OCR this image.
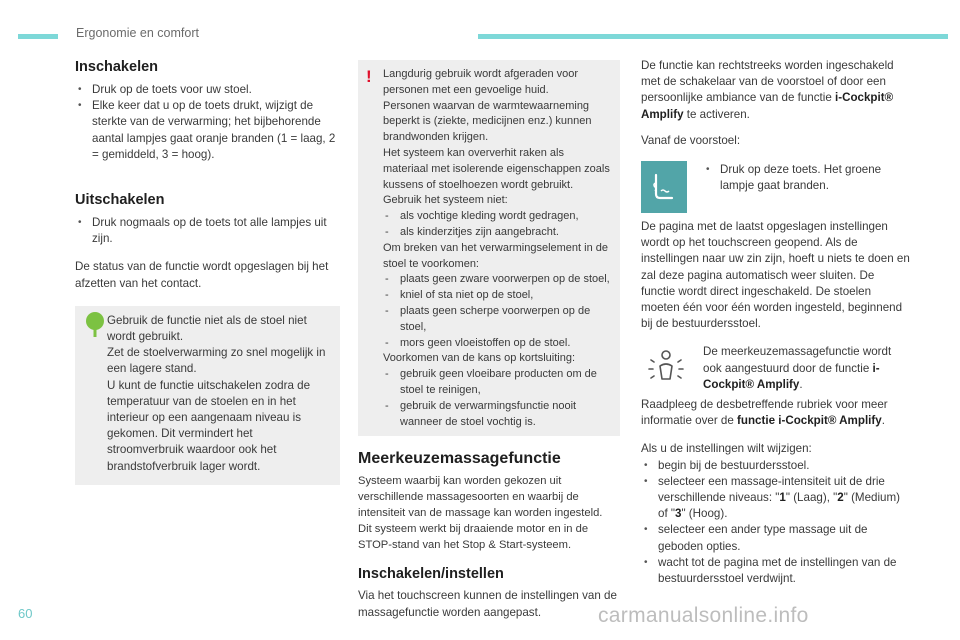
Ergonomie en comfort
Inschakelen
• Druk op de toets voor uw stoel.
• Elke keer dat u op de toets drukt, wijzigt de sterkte van de verwarming; het bijbehorende aantal lampjes gaat oranje branden (1 = laag, 2 = gemiddeld, 3 = hoog).
Uitschakelen
• Druk nogmaals op de toets tot alle lampjes uit zijn.

De status van de functie wordt opgeslagen bij het afzetten van het contact.

Gebruik de functie niet als de stoel niet wordt gebruikt.
Zet de stoelverwarming zo snel mogelijk in een lagere stand.
U kunt de functie uitschakelen zodra de temperatuur van de stoelen en in het interieur op een aangenaam niveau is gekomen. Dit vermindert het stroomverbruik waardoor ook het brandstofverbruik lager wordt.

! Langdurig gebruik wordt afgeraden voor personen met een gevoelige huid.
Personen waarvan de warmtewaarneming beperkt is (ziekte, medicijnen enz.) kunnen brandwonden krijgen.
Het systeem kan oververhit raken als materiaal met isolerende eigenschappen zoals kussens of stoelhoezen wordt gebruikt.
Gebruik het systeem niet:

- als vochtige kleding wordt gedragen,
- als kinderzitjes zijn aangebracht.

Om breken van het verwarmingselement in de stoel te voorkomen:

- plaats geen zware voorwerpen op de stoel,
- kniel of sta niet op de stoel,
- plaats geen scherpe voorwerpen op de stoel,
- mors geen vloeistoffen op de stoel.

Voorkomen van de kans op kortsluiting:

- gebruik geen vloeibare producten om de stoel te reinigen,
- gebruik de verwarmingsfunctie nooit wanneer de stoel vochtig is.
Meerkeuzemassagefunctie

Systeem waarbij kan worden gekozen uit verschillende massagesoorten en waarbij de intensiteit van de massage kan worden ingesteld.
Dit systeem werkt bij draaiende motor en in de STOP-stand van het Stop & Start-systeem.

Inschakelen/instellen

Via het touchscreen kunnen de instellingen van de massagefunctie worden aangepast.

De functie kan rechtstreeks worden ingeschakeld met de schakelaar van de voorstoel of door een persoonlijke ambiance van de functie i-Cockpit® Amplify te activeren.

Vanaf de voorstoel:

• Druk op deze toets. Het groene lampje gaat branden.

De pagina met de laatst opgeslagen instellingen wordt op het touchscreen geopend. Als de instellingen naar uw zin zijn, hoeft u niets te doen en zal deze pagina automatisch weer sluiten. De functie wordt direct ingeschakeld. De stoelen moeten één voor één worden ingesteld, beginnend bij de bestuurdersstoel.

De meerkeuzemassagefunctie wordt ook aangestuurd door de functie i-Cockpit® Amplify.

Raadpleeg de desbetreffende rubriek voor meer informatie over de functie i-Cockpit® Amplify.

Als u de instellingen wilt wijzigen:

• begin bij de bestuurdersstoel.
• selecteer een massage-intensiteit uit de drie verschillende niveaus: "1" (Laag), "2" (Medium) of "3" (Hoog).
• selecteer een ander type massage uit de geboden opties.
• wacht tot de pagina met de instellingen van de bestuurdersstoel verdwijnt.
60	carmanualsonline.info
